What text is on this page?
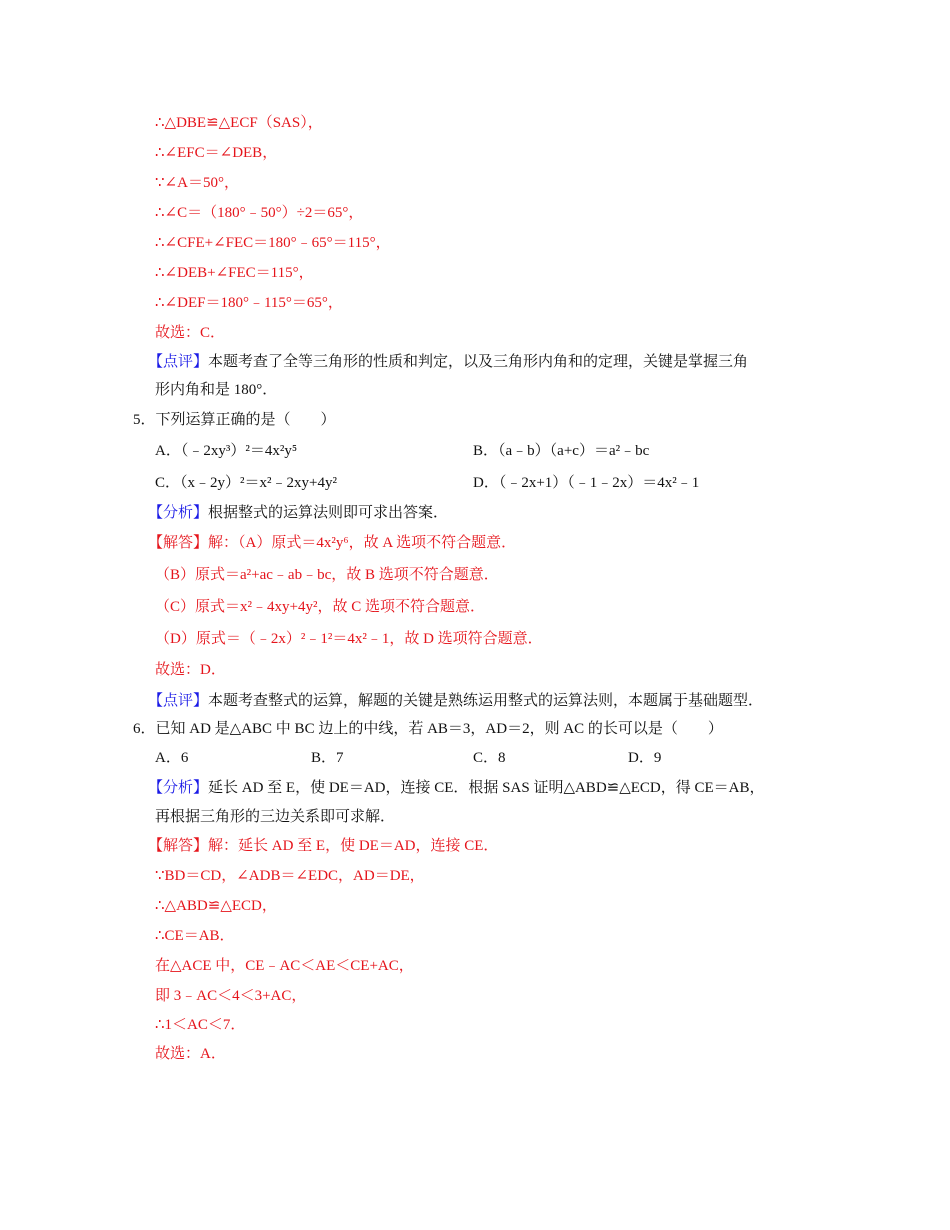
∴△DBE≌△ECF（SAS），
∴∠EFC＝∠DEB，
∵∠A＝50°，
∴∠C＝（180°﹣50°）÷2＝65°，
∴∠CFE+∠FEC＝180°﹣65°＝115°，
∴∠DEB+∠FEC＝115°，
∴∠DEF＝180°﹣115°＝65°，
故选：C．
【点评】本题考查了全等三角形的性质和判定，以及三角形内角和的定理，关键是掌握三角
形内角和是 180°．
5．下列运算正确的是（　　）
A．（﹣2xy³）²＝4x²y⁵	B．（a﹣b）（a+c）＝a²﹣bc
C．（x﹣2y）²＝x²﹣2xy+4y²	D．（﹣2x+1）（﹣1﹣2x）＝4x²﹣1
【分析】根据整式的运算法则即可求出答案．
【解答】解：（A）原式＝4x²y⁶，故 A 选项不符合题意．
（B）原式＝a²+ac﹣ab﹣bc，故 B 选项不符合题意．
（C）原式＝x²﹣4xy+4y²，故 C 选项不符合题意．
（D）原式＝（﹣2x）²﹣1²＝4x²﹣1，故 D 选项符合题意．
故选：D．
【点评】本题考查整式的运算，解题的关键是熟练运用整式的运算法则，本题属于基础题型．
6．已知 AD 是△ABC 中 BC 边上的中线，若 AB＝3，AD＝2，则 AC 的长可以是（　　）
A．6	B．7	C．8	D．9
【分析】延长 AD 至 E，使 DE＝AD，连接 CE．根据 SAS 证明△ABD≌△ECD，得 CE＝AB，
再根据三角形的三边关系即可求解．
【解答】解：延长 AD 至 E，使 DE＝AD，连接 CE．
∵BD＝CD，∠ADB＝∠EDC，AD＝DE，
∴△ABD≌△ECD，
∴CE＝AB．
在△ACE 中，CE﹣AC＜AE＜CE+AC，
即 3﹣AC＜4＜3+AC，
∴1＜AC＜7．
故选：A．
